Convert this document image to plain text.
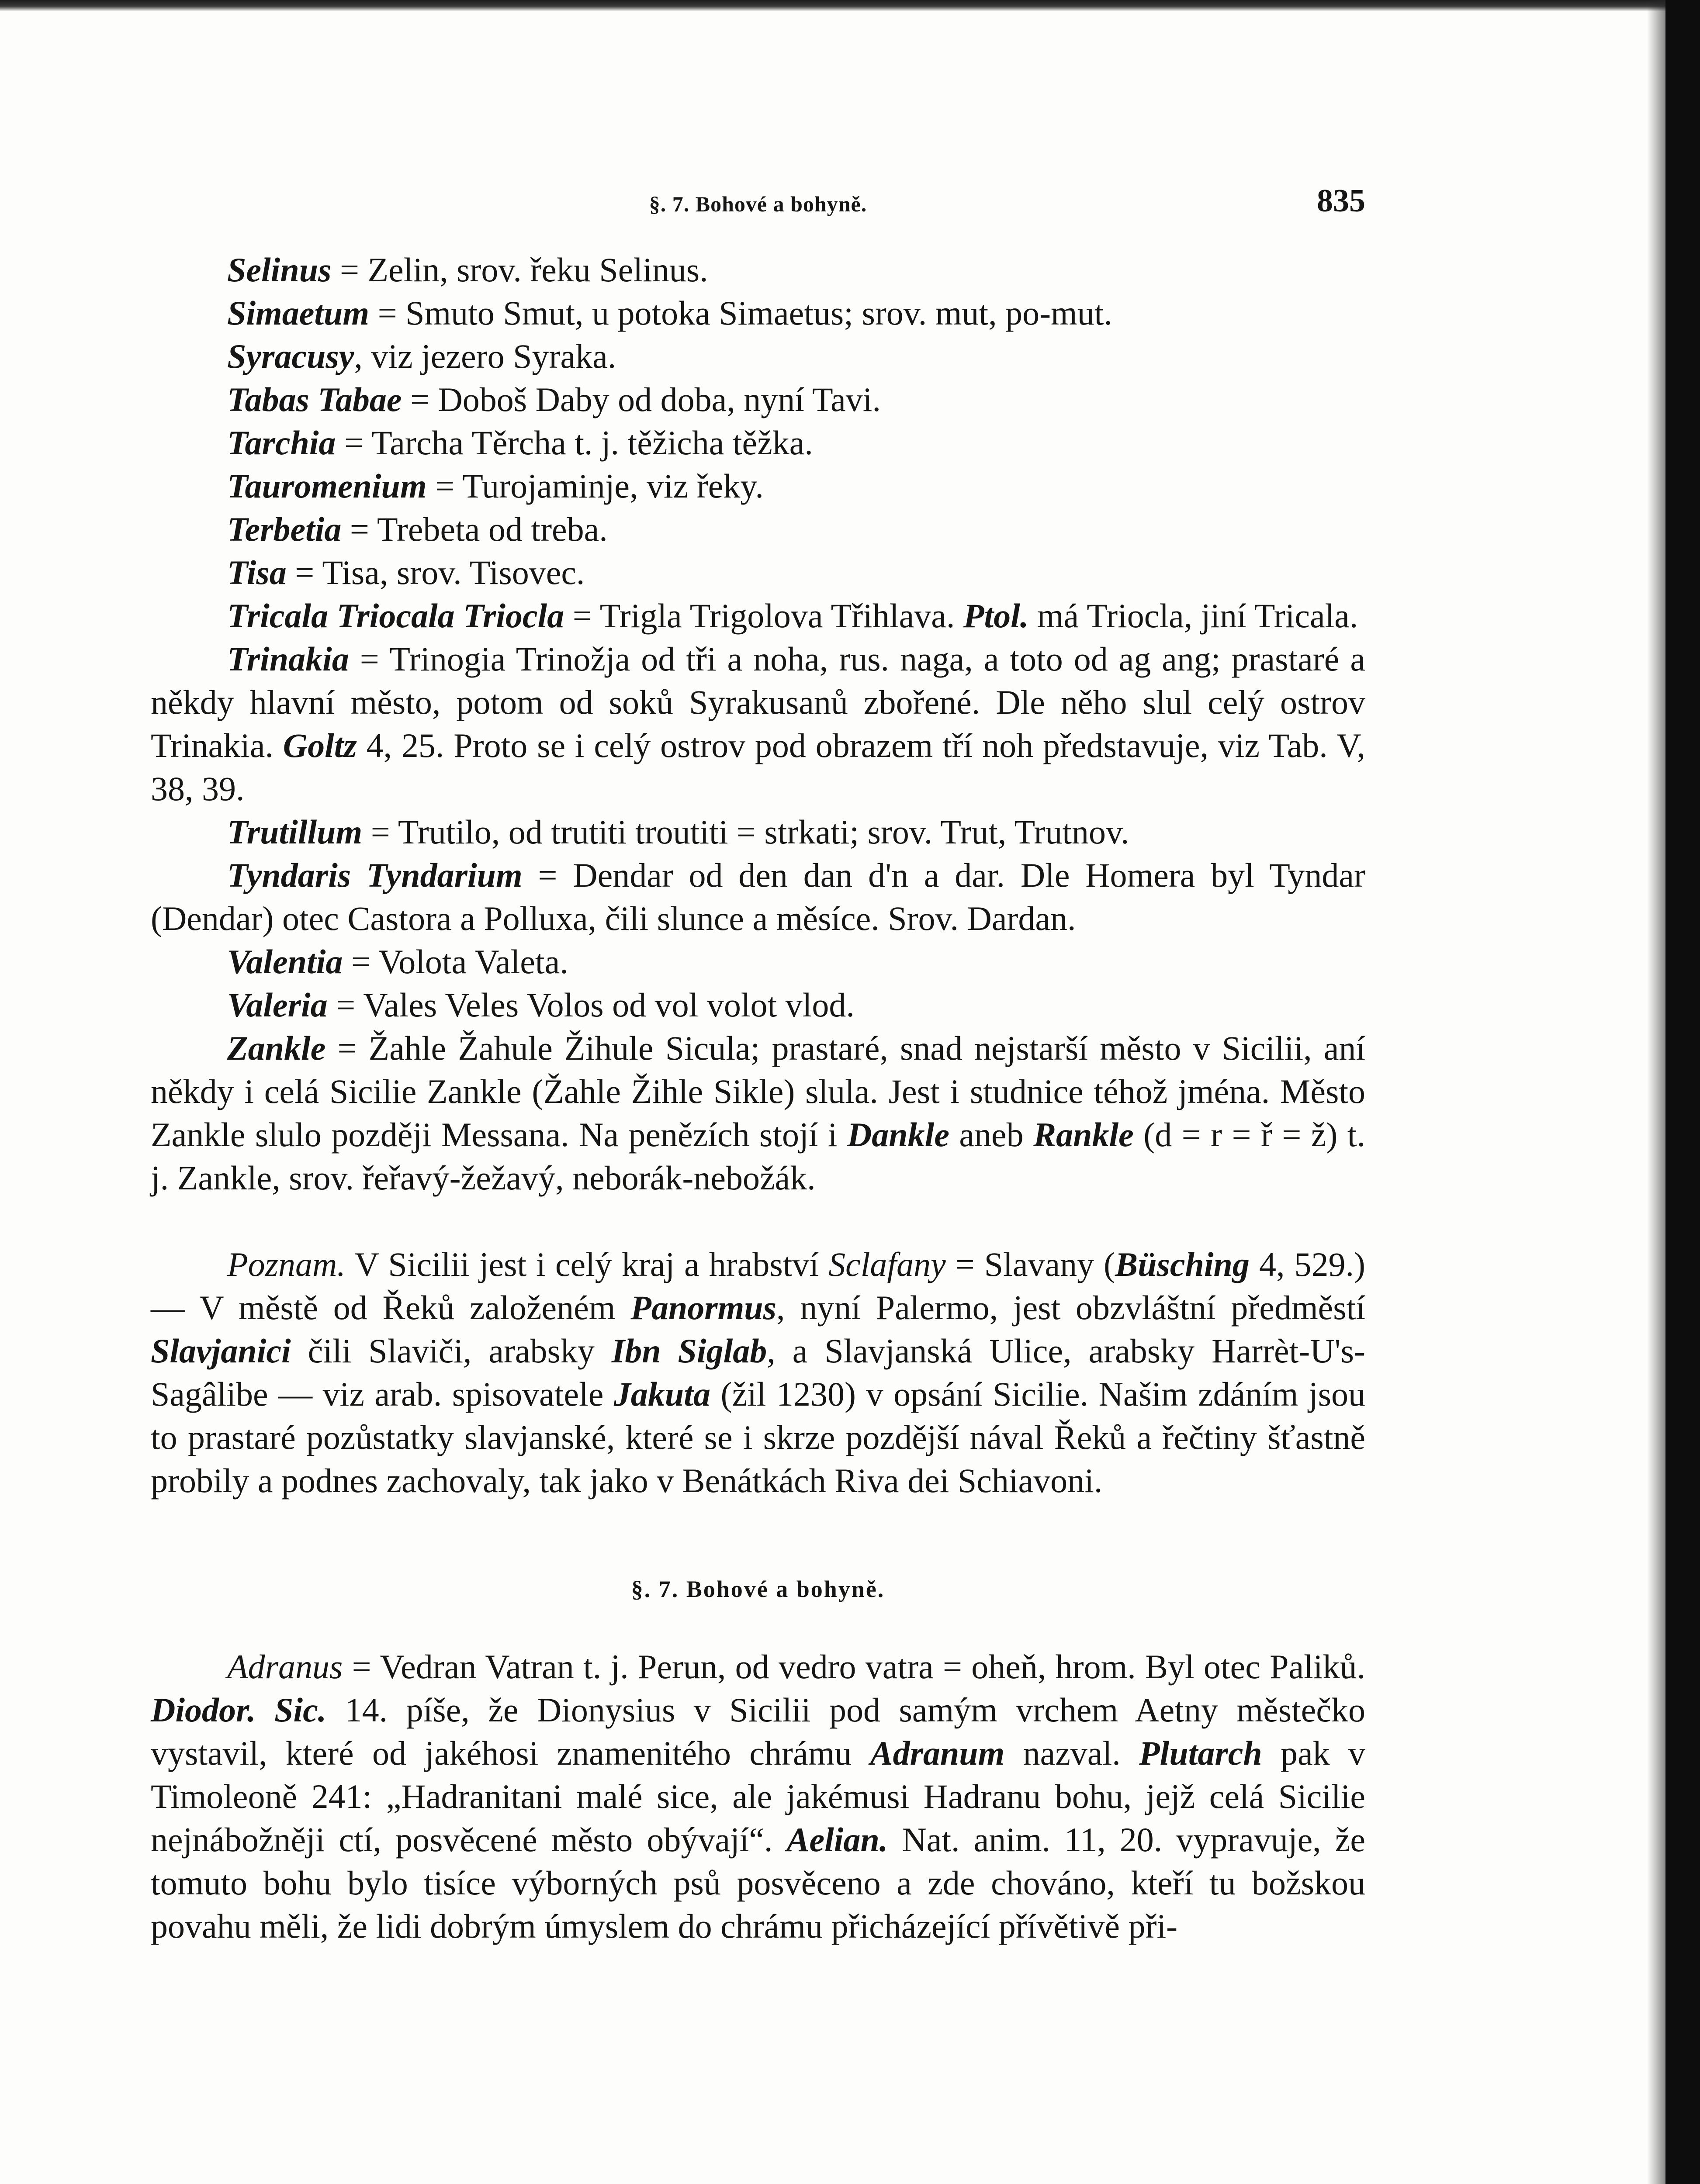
§. 7. Bohové a bohyně.	835

Selinus = Zelin, srov. řeku Selinus.

Simaetum = Smuto Smut, u potoka Simaetus; srov. mut, po-mut.

Syracusy, viz jezero Syraka.

Tabas Tabae = Doboš Daby od doba, nyní Tavi.

Tarchia = Tarcha Těrcha t. j. těžicha těžka.

Tauromenium = Turojaminje, viz řeky.

Terbetia = Trebeta od treba.

Tisa = Tisa, srov. Tisovec.

Tricala Triocala Triocla = Trigla Trigolova Třihlava. Ptol. má Triocla, jiní Tricala.

Trinakia = Trinogia Trinožja od tři a noha, rus. naga, a toto od ag ang; prastaré a někdy hlavní město, potom od soků Syrakusanů zbořené. Dle něho slul celý ostrov Trinakia. Goltz 4, 25. Proto se i celý ostrov pod obrazem tří noh představuje, viz Tab. V, 38, 39.

Trutillum = Trutilo, od trutiti troutiti = strkati; srov. Trut, Trutnov.

Tyndaris Tyndarium = Dendar od den dan d'n a dar. Dle Homera byl Tyndar (Dendar) otec Castora a Polluxa, čili slunce a měsíce. Srov. Dardan.

Valentia = Volota Valeta.

Valeria = Vales Veles Volos od vol volot vlod.

Zankle = Žahle Žahule Žihule Sicula; prastaré, snad nejstarší město v Sicilii, aní někdy i celá Sicilie Zankle (Žahle Žihle Sikle) slula. Jest i studnice téhož jména. Město Zankle slulo později Messana. Na penězích stojí i Dankle aneb Rankle (d = r = ř = ž) t. j. Zankle, srov. řeřavý-žežavý, neborák-nebožák.

Poznam. V Sicilii jest i celý kraj a hrabství Sclafany = Slavany (Büsching 4, 529.) — V městě od Řeků založeném Panormus, nyní Palermo, jest obzvláštní předměstí Slavjanici čili Slaviči, arabsky Ibn Siglab, a Slavjanská Ulice, arabsky Harrèt-U's-Sagâlibe — viz arab. spisovatele Jakuta (žil 1230) v opsání Sicilie. Našim zdáním jsou to prastaré pozůstatky slavjanské, které se i skrze pozdější nával Řeků a řečtiny šťastně probily a podnes zachovaly, tak jako v Benátkách Riva dei Schiavoni.

§. 7. Bohové a bohyně.

Adranus = Vedran Vatran t. j. Perun, od vedro vatra = oheň, hrom. Byl otec Paliků. Diodor. Sic. 14. píše, že Dionysius v Sicilii pod samým vrchem Aetny městečko vystavil, které od jakéhosi znamenitého chrámu Adranum nazval. Plutarch pak v Timoleoně 241: „Hadranitani malé sice, ale jakémusi Hadranu bohu, jejž celá Sicilie nejnábožněji ctí, posvěcené město obývají“. Aelian. Nat. anim. 11, 20. vypravuje, že tomuto bohu bylo tisíce výborných psů posvěceno a zde chováno, kteří tu božskou povahu měli, že lidi dobrým úmyslem do chrámu přicházející přívětivě při-
